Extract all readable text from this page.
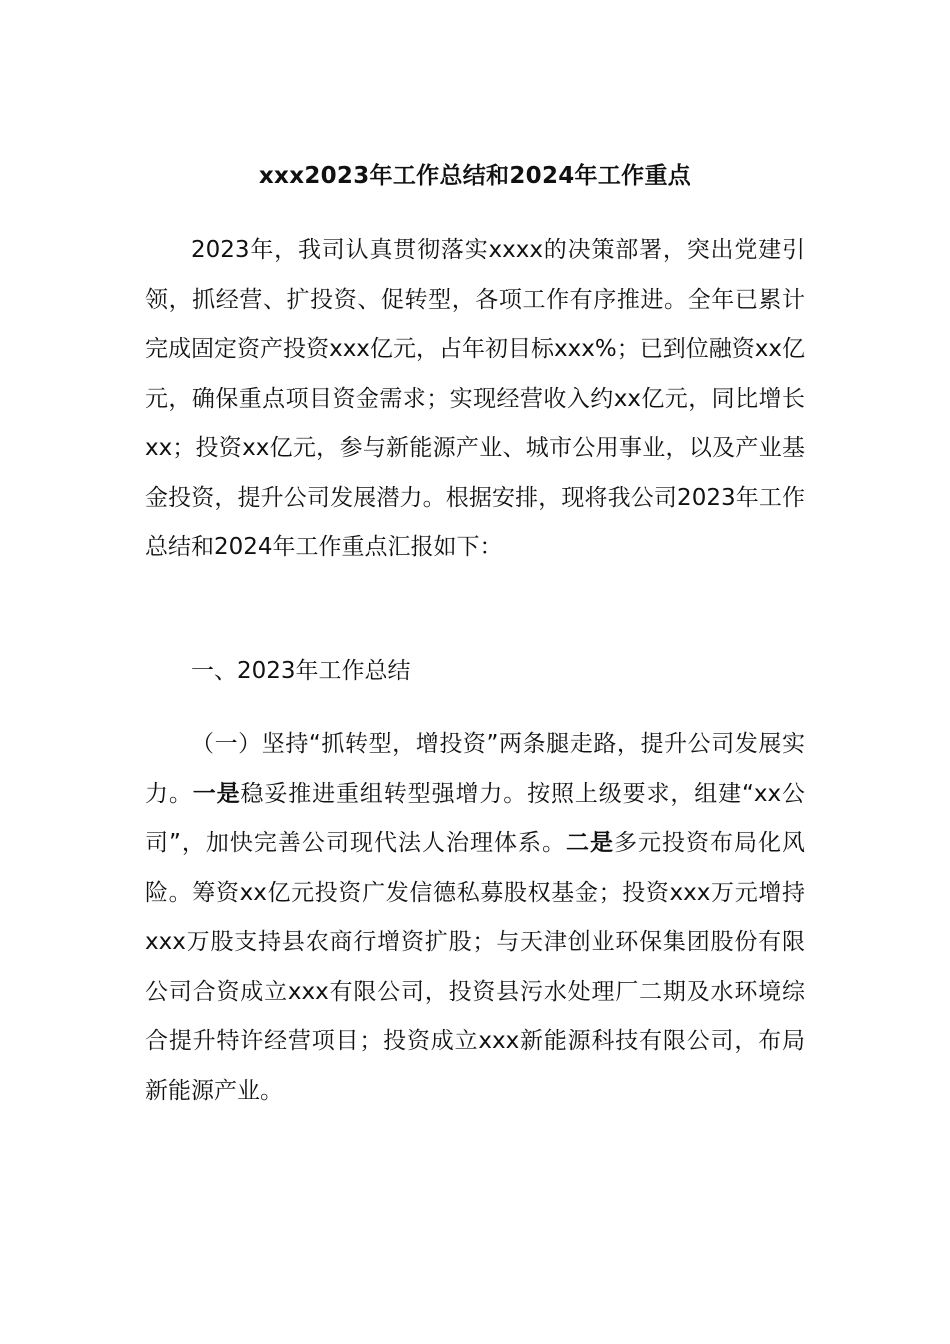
xxx2023年工作总结和2024年工作重点

2023年，我司认真贯彻落实xxxx的决策部署，突出党建引领，抓经营、扩投资、促转型，各项工作有序推进。全年已累计完成固定资产投资xxx亿元，占年初目标xxx%；已到位融资xx亿元，确保重点项目资金需求；实现经营收入约xx亿元，同比增长xx；投资xx亿元，参与新能源产业、城市公用事业，以及产业基金投资，提升公司发展潜力。根据安排，现将我公司2023年工作总结和2024年工作重点汇报如下：

一、2023年工作总结

（一）坚持“抓转型，增投资”两条腿走路，提升公司发展实力。一是稳妥推进重组转型强增力。按照上级要求，组建“xx公司”，加快完善公司现代法人治理体系。二是多元投资布局化风险。筹资xx亿元投资广发信德私募股权基金；投资xxx万元增持xxx万股支持县农商行增资扩股；与天津创业环保集团股份有限公司合资成立xxx有限公司，投资县污水处理厂二期及水环境综合提升特许经营项目；投资成立xxx新能源科技有限公司，布局新能源产业。
